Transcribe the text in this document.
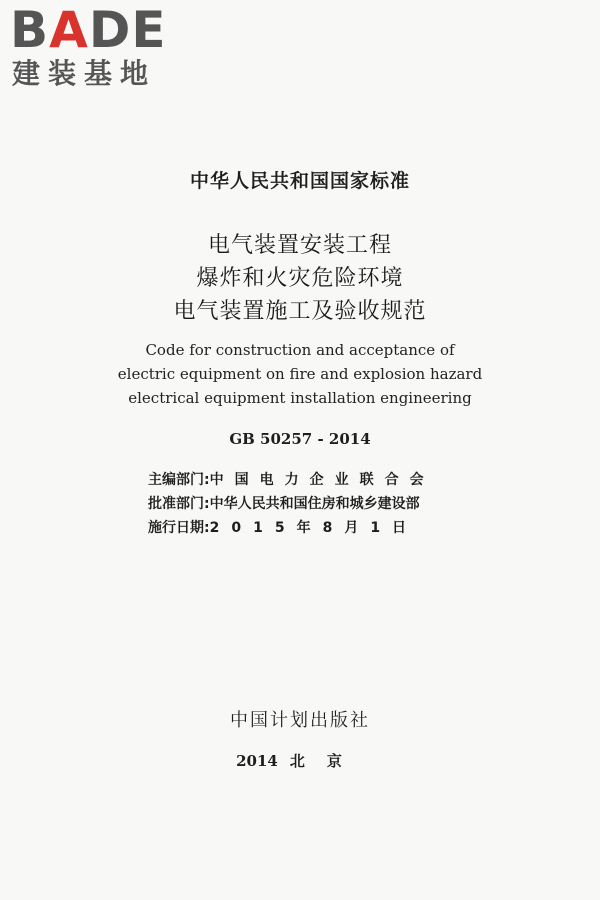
BADE
建装基地
中华人民共和国国家标准
电气装置安装工程
爆炸和火灾危险环境
电气装置施工及验收规范
Code for construction and acceptance of
electric equipment on fire and explosion hazard
electrical equipment installation engineering
GB 50257 - 2014
主编部门: 中国电力企业联合会
批准部门: 中华人民共和国住房和城乡建设部
施行日期: 2015年8月1日
中国计划出版社
2014 北京
